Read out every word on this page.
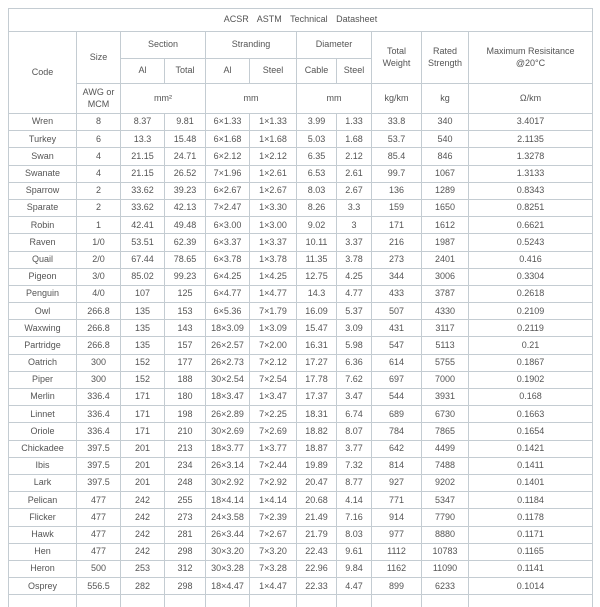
ACSR ASTM Technical Datasheet										
Code	Size	Section		Stranding		Diameter		Total Weight	Rated Strength	Maximum Resisitance
@20°C

		Al	Total	Al	Steel	Cable	Steel			
	AWG or MCM	mm²		mm		mm		kg/km	kg	Ω/km
Wren	8	8.37	9.81	6×1.33	1×1.33	3.99	1.33	33.8	340	3.4017
Turkey	6	13.3	15.48	6×1.68	1×1.68	5.03	1.68	53.7	540	2.1135
Swan	4	21.15	24.71	6×2.12	1×2.12	6.35	2.12	85.4	846	1.3278
Swanate	4	21.15	26.52	7×1.96	1×2.61	6.53	2.61	99.7	1067	1.3133
Sparrow	2	33.62	39.23	6×2.67	1×2.67	8.03	2.67	136	1289	0.8343
Sparate	2	33.62	42.13	7×2.47	1×3.30	8.26	3.3	159	1650	0.8251
Robin	1	42.41	49.48	6×3.00	1×3.00	9.02	3	171	1612	0.6621
Raven	1/0	53.51	62.39	6×3.37	1×3.37	10.11	3.37	216	1987	0.5243
Quail	2/0	67.44	78.65	6×3.78	1×3.78	11.35	3.78	273	2401	0.416
Pigeon	3/0	85.02	99.23	6×4.25	1×4.25	12.75	4.25	344	3006	0.3304
Penguin	4/0	107	125	6×4.77	1×4.77	14.3	4.77	433	3787	0.2618
Owl	266.8	135	153	6×5.36	7×1.79	16.09	5.37	507	4330	0.2109
Waxwing	266.8	135	143	18×3.09	1×3.09	15.47	3.09	431	3117	0.2119
Partridge	266.8	135	157	26×2.57	7×2.00	16.31	5.98	547	5113	0.21
Oatrich	300	152	177	26×2.73	7×2.12	17.27	6.36	614	5755	0.1867
Piper	300	152	188	30×2.54	7×2.54	17.78	7.62	697	7000	0.1902
Merlin	336.4	171	180	18×3.47	1×3.47	17.37	3.47	544	3931	0.168
Linnet	336.4	171	198	26×2.89	7×2.25	18.31	6.74	689	6730	0.1663
Oriole	336.4	171	210	30×2.69	7×2.69	18.82	8.07	784	7865	0.1654
Chickadee	397.5	201	213	18×3.77	1×3.77	18.87	3.77	642	4499	0.1421
Ibis	397.5	201	234	26×3.14	7×2.44	19.89	7.32	814	7488	0.1411
Lark	397.5	201	248	30×2.92	7×2.92	20.47	8.77	927	9202	0.1401
Pelican	477	242	255	18×4.14	1×4.14	20.68	4.14	771	5347	0.1184
Flicker	477	242	273	24×3.58	7×2.39	21.49	7.16	914	7790	0.1178
Hawk	477	242	281	26×3.44	7×2.67	21.79	8.03	977	8880	0.1171
Hen	477	242	298	30×3.20	7×3.20	22.43	9.61	1112	10783	0.1165
Heron	500	253	312	30×3.28	7×3.28	22.96	9.84	1162	11090	0.1141
Osprey	556.5	282	298	18×4.47	1×4.47	22.33	4.47	899	6233	0.1014
